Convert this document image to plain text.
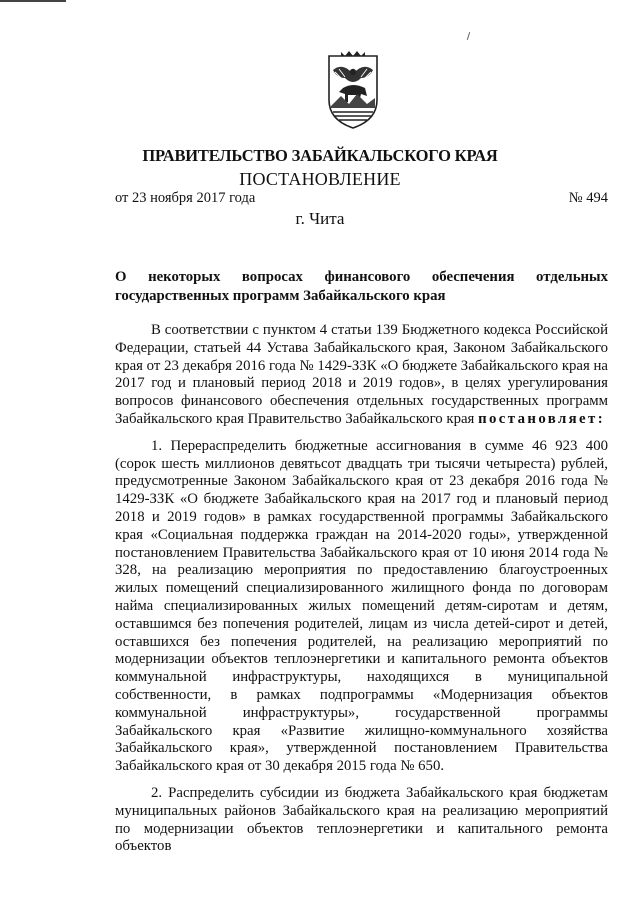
ПРАВИТЕЛЬСТВО ЗАБАЙКАЛЬСКОГО КРАЯ
ПОСТАНОВЛЕНИЕ
от 23 ноября 2017 года	№ 494
г. Чита
О некоторых вопросах финансового обеспечения отдельных государственных программ Забайкальского края

В соответствии с пунктом 4 статьи 139 Бюджетного кодекса Российской Федерации, статьей 44 Устава Забайкальского края, Законом Забайкальского края от 23 декабря 2016 года № 1429-ЗЗК «О бюджете Забайкальского края на 2017 год и плановый период 2018 и 2019 годов», в целях урегулирования вопросов финансового обеспечения отдельных государственных программ Забайкальского края Правительство Забайкальского края постановляет:

1. Перераспределить бюджетные ассигнования в сумме 46 923 400 (сорок шесть миллионов девятьсот двадцать три тысячи четыреста) рублей, предусмотренные Законом Забайкальского края от 23 декабря 2016 года № 1429-ЗЗК «О бюджете Забайкальского края на 2017 год и плановый период 2018 и 2019 годов» в рамках государственной программы Забайкальского края «Социальная поддержка граждан на 2014-2020 годы», утвержденной постановлением Правительства Забайкальского края от 10 июня 2014 года № 328, на реализацию мероприятия по предоставлению благоустроенных жилых помещений специализированного жилищного фонда по договорам найма специализированных жилых помещений детям-сиротам и детям, оставшимся без попечения родителей, лицам из числа детей-сирот и детей, оставшихся без попечения родителей, на реализацию мероприятий по модернизации объектов теплоэнергетики и капитального ремонта объектов коммунальной инфраструктуры, находящихся в муниципальной собственности, в рамках подпрограммы «Модернизация объектов коммунальной инфраструктуры», государственной программы Забайкальского края «Развитие жилищно-коммунального хозяйства Забайкальского края», утвержденной постановлением Правительства Забайкальского края от 30 декабря 2015 года № 650.

2. Распределить субсидии из бюджета Забайкальского края бюджетам муниципальных районов Забайкальского края на реализацию мероприятий по модернизации объектов теплоэнергетики и капитального ремонта объектов
